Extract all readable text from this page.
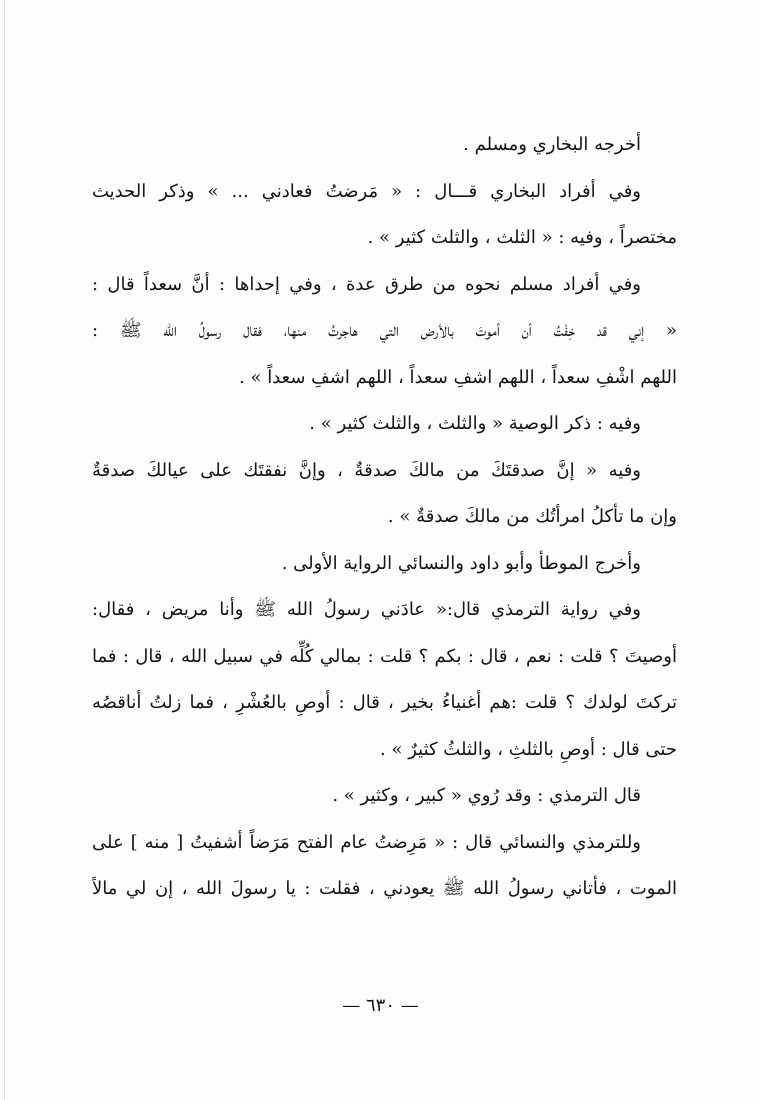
أخرجه البخاري ومسلم .
وفي أفراد البخاري قـــال : « مَرضتُ فعادني ... » وذكر الحديث
مختصراً ، وفيه : « الثلث ، والثلث كثير » .
وفي أفراد مسلم نحوه من طرق عدة ، وفي إحداها : أنَّ سعداً قال :
« إني قد خِفْتُ أن أموتَ بالأرض التي هاجرتُ منها، فقال رسولُ الله ﷺ :
اللهم اشْفِ سعداً ، اللهم اشفِ سعداً ، اللهم اشفِ سعداً » .
وفيه : ذكر الوصية « والثلث ، والثلث كثير » .
وفيه « إنَّ صدقتَكَ من مالكَ صدقةٌ ، وإنَّ نفقتَك على عيالكَ صدقةٌ
وإن ما تأكلُ امرأتُك من مالكَ صدقةٌ » .
وأخرج الموطأ وأبو داود والنسائي الرواية الأولى .
وفي رواية الترمذي قال:« عادَني رسولُ الله ﷺ وأنا مريض ، فقال:
أوصيتَ ؟ قلت : نعم ، قال : بكم ؟ قلت : بمالي كُلِّه في سبيل الله ، قال : فما
تركتَ لولدك ؟ قلت :هم أغنياءُ بخير ، قال : أوصِ بالعُشْرِ ، فما زلتُ أناقصُه
حتى قال : أوصِ بالثلثِ ، والثلثُ كثيرٌ » .
قال الترمذي : وقد رُوي « كبير ، وكثير » .
وللترمذي والنسائي قال : « مَرِضتُ عام الفتح مَرَضاً أشفيتُ [ منه ] على
الموت ، فأتاني رسولُ الله ﷺ يعودني ، فقلت : يا رسولَ الله ، إن لي مالاً
— ٦٣٠ —
